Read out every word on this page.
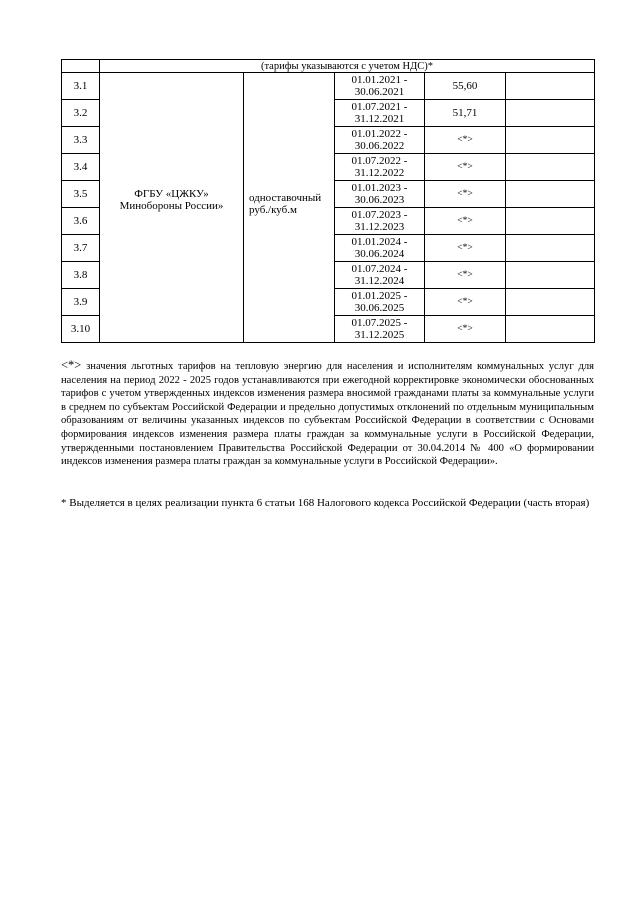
	(тарифы указываются с учетом НДС)*				
3.1	ФГБУ «ЦЖКУ» Минобороны России»	одноставочный руб./куб.м	01.01.2021 - 30.06.2021	55,60	
3.2			01.07.2021 - 31.12.2021	51,71	
3.3			01.01.2022 - 30.06.2022	<*>	
3.4			01.07.2022 - 31.12.2022	<*>	
3.5			01.01.2023 - 30.06.2023	<*>	
3.6			01.07.2023 - 31.12.2023	<*>	
3.7			01.01.2024 - 30.06.2024	<*>	
3.8			01.07.2024 - 31.12.2024	<*>	
3.9			01.01.2025 - 30.06.2025	<*>	
3.10			01.07.2025 - 31.12.2025	<*>	
<*> значения льготных тарифов на тепловую энергию для населения и исполнителям коммунальных услуг для населения на период 2022 - 2025 годов устанавливаются при ежегодной корректировке экономически обоснованных тарифов с учетом утвержденных индексов изменения размера вносимой гражданами платы за коммунальные услуги в среднем по субъектам Российской Федерации и предельно допустимых отклонений по отдельным муниципальным образованиям от величины указанных индексов по субъектам Российской Федерации в соответствии с Основами формирования индексов изменения размера платы граждан за коммунальные услуги в Российской Федерации, утвержденными постановлением Правительства Российской Федерации от 30.04.2014 № 400 «О формировании индексов изменения размера платы граждан за коммунальные услуги в Российской Федерации».
* Выделяется в целях реализации пункта 6 статьи 168 Налогового кодекса Российской Федерации (часть вторая)
